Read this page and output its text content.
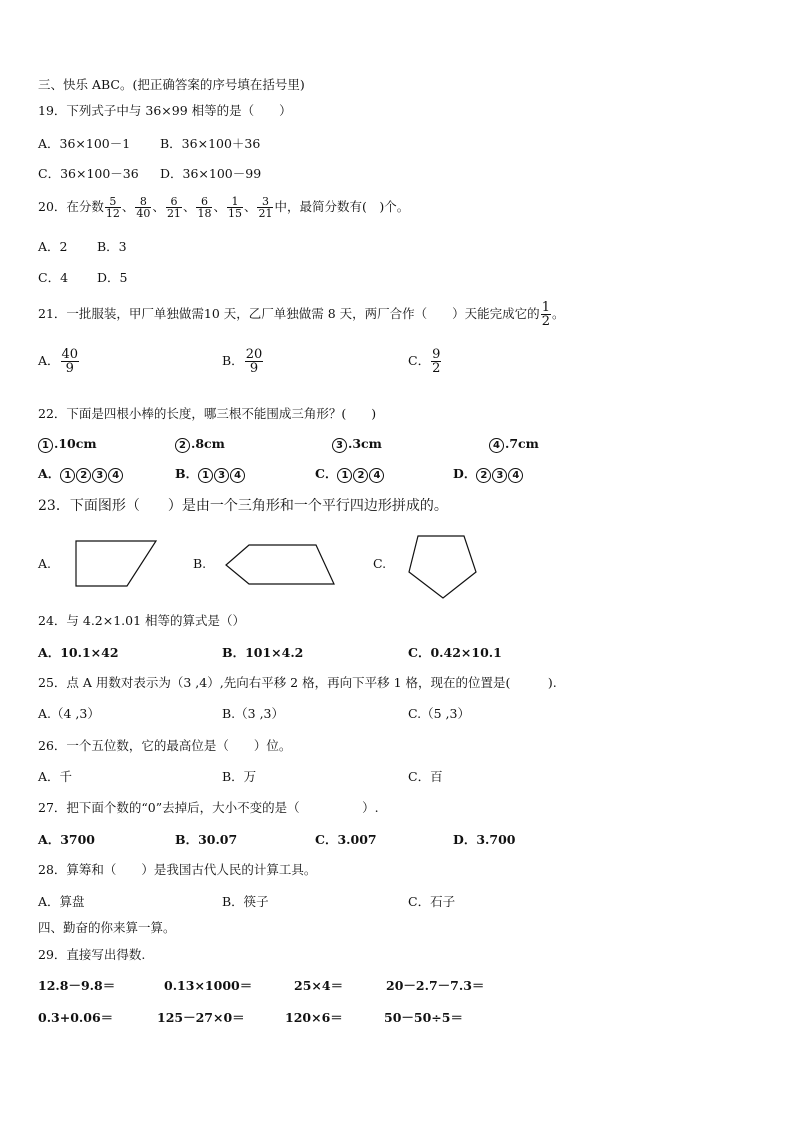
三、快乐 ABC。(把正确答案的序号填在括号里)
19．下列式子中与 36×99 相等的是（　　）
A．36×100－1 B．36×100＋36
C．36×100－36 D．36×100－99
20．在分数 $\frac{5}{12}$ 、 $\frac{8}{40}$ 、 $\frac{6}{21}$ 、 $\frac{6}{18}$ 、 $\frac{1}{15}$ 、 $\frac{3}{21}$ 中，最简分数有(　)个。
A．2 B．3
C．4 D．5
21．一批服装，甲厂单独做需10 天，乙厂单独做需 8 天，两厂合作（　　）天能完成它的 $\frac{1}{2}$ 。
A． $\frac{40}{9}$	B． $\frac{20}{9}$	C． $\frac{9}{2}$
22．下面是四根小棒的长度，哪三根不能围成三角形？(　　)
1 .10cm	2 .8cm	3 .3cm	4 .7cm
A． 1 2 3 4	B． 1 3 4	C． 1 2 4	D． 2 3 4
23．下面图形（　　）是由一个三角形和一个平行四边形拼成的。
A.	B.	C.
24．与 4.2×1.01 相等的算式是（）
A．10.1×42	B．101×4.2	C．0.42×10.1
25．点 A 用数对表示为（3 ,4）,先向右平移 2 格，再向下平移 1 格，现在的位置是(　　　).
A.（4 ,3）	B.（3 ,3）	C.（5 ,3）
26．一个五位数，它的最高位是（　　）位。
A．千	B．万	C．百
27．把下面个数的“0”去掉后，大小不变的是（　　　　　）.
A．3700	B．30.07	C．3.007	D．3.700
28．算筹和（　　）是我国古代人民的计算工具。
A．算盘	B．筷子	C．石子
四、勤奋的你来算一算。
29．直接写出得数.
12.8－9.8＝	0.13×1000＝	25×4＝	20－2.7－7.3＝
0.3+0.06＝	125－27×0＝	120×6＝	50－50÷5＝
